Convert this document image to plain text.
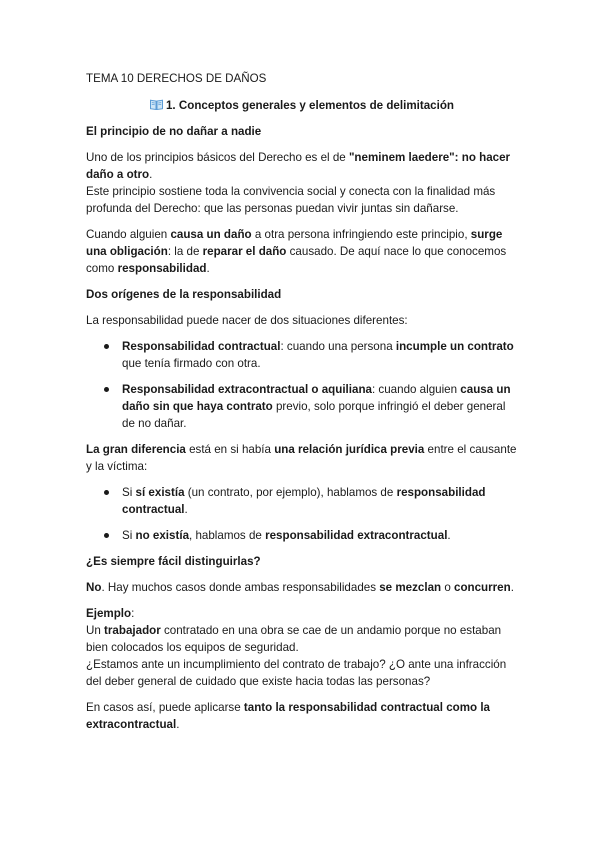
TEMA 10 DERECHOS DE DAÑOS

1. Conceptos generales y elementos de delimitación

El principio de no dañar a nadie

Uno de los principios básicos del Derecho es el de "neminem laedere": no hacer daño a otro.

Este principio sostiene toda la convivencia social y conecta con la finalidad más profunda del Derecho: que las personas puedan vivir juntas sin dañarse.

Cuando alguien causa un daño a otra persona infringiendo este principio, surge una obligación: la de reparar el daño causado. De aquí nace lo que conocemos como responsabilidad.

Dos orígenes de la responsabilidad

La responsabilidad puede nacer de dos situaciones diferentes:

Responsabilidad contractual: cuando una persona incumple un contrato que tenía firmado con otra.
Responsabilidad extracontractual o aquiliana: cuando alguien causa un daño sin que haya contrato previo, solo porque infringió el deber general de no dañar.

La gran diferencia está en si había una relación jurídica previa entre el causante y la víctima:

Si sí existía (un contrato, por ejemplo), hablamos de responsabilidad contractual.
Si no existía, hablamos de responsabilidad extracontractual.

¿Es siempre fácil distinguirlas?

No. Hay muchos casos donde ambas responsabilidades se mezclan o concurren.

Ejemplo:

Un trabajador contratado en una obra se cae de un andamio porque no estaban bien colocados los equipos de seguridad.

¿Estamos ante un incumplimiento del contrato de trabajo? ¿O ante una infracción del deber general de cuidado que existe hacia todas las personas?

En casos así, puede aplicarse tanto la responsabilidad contractual como la extracontractual.
